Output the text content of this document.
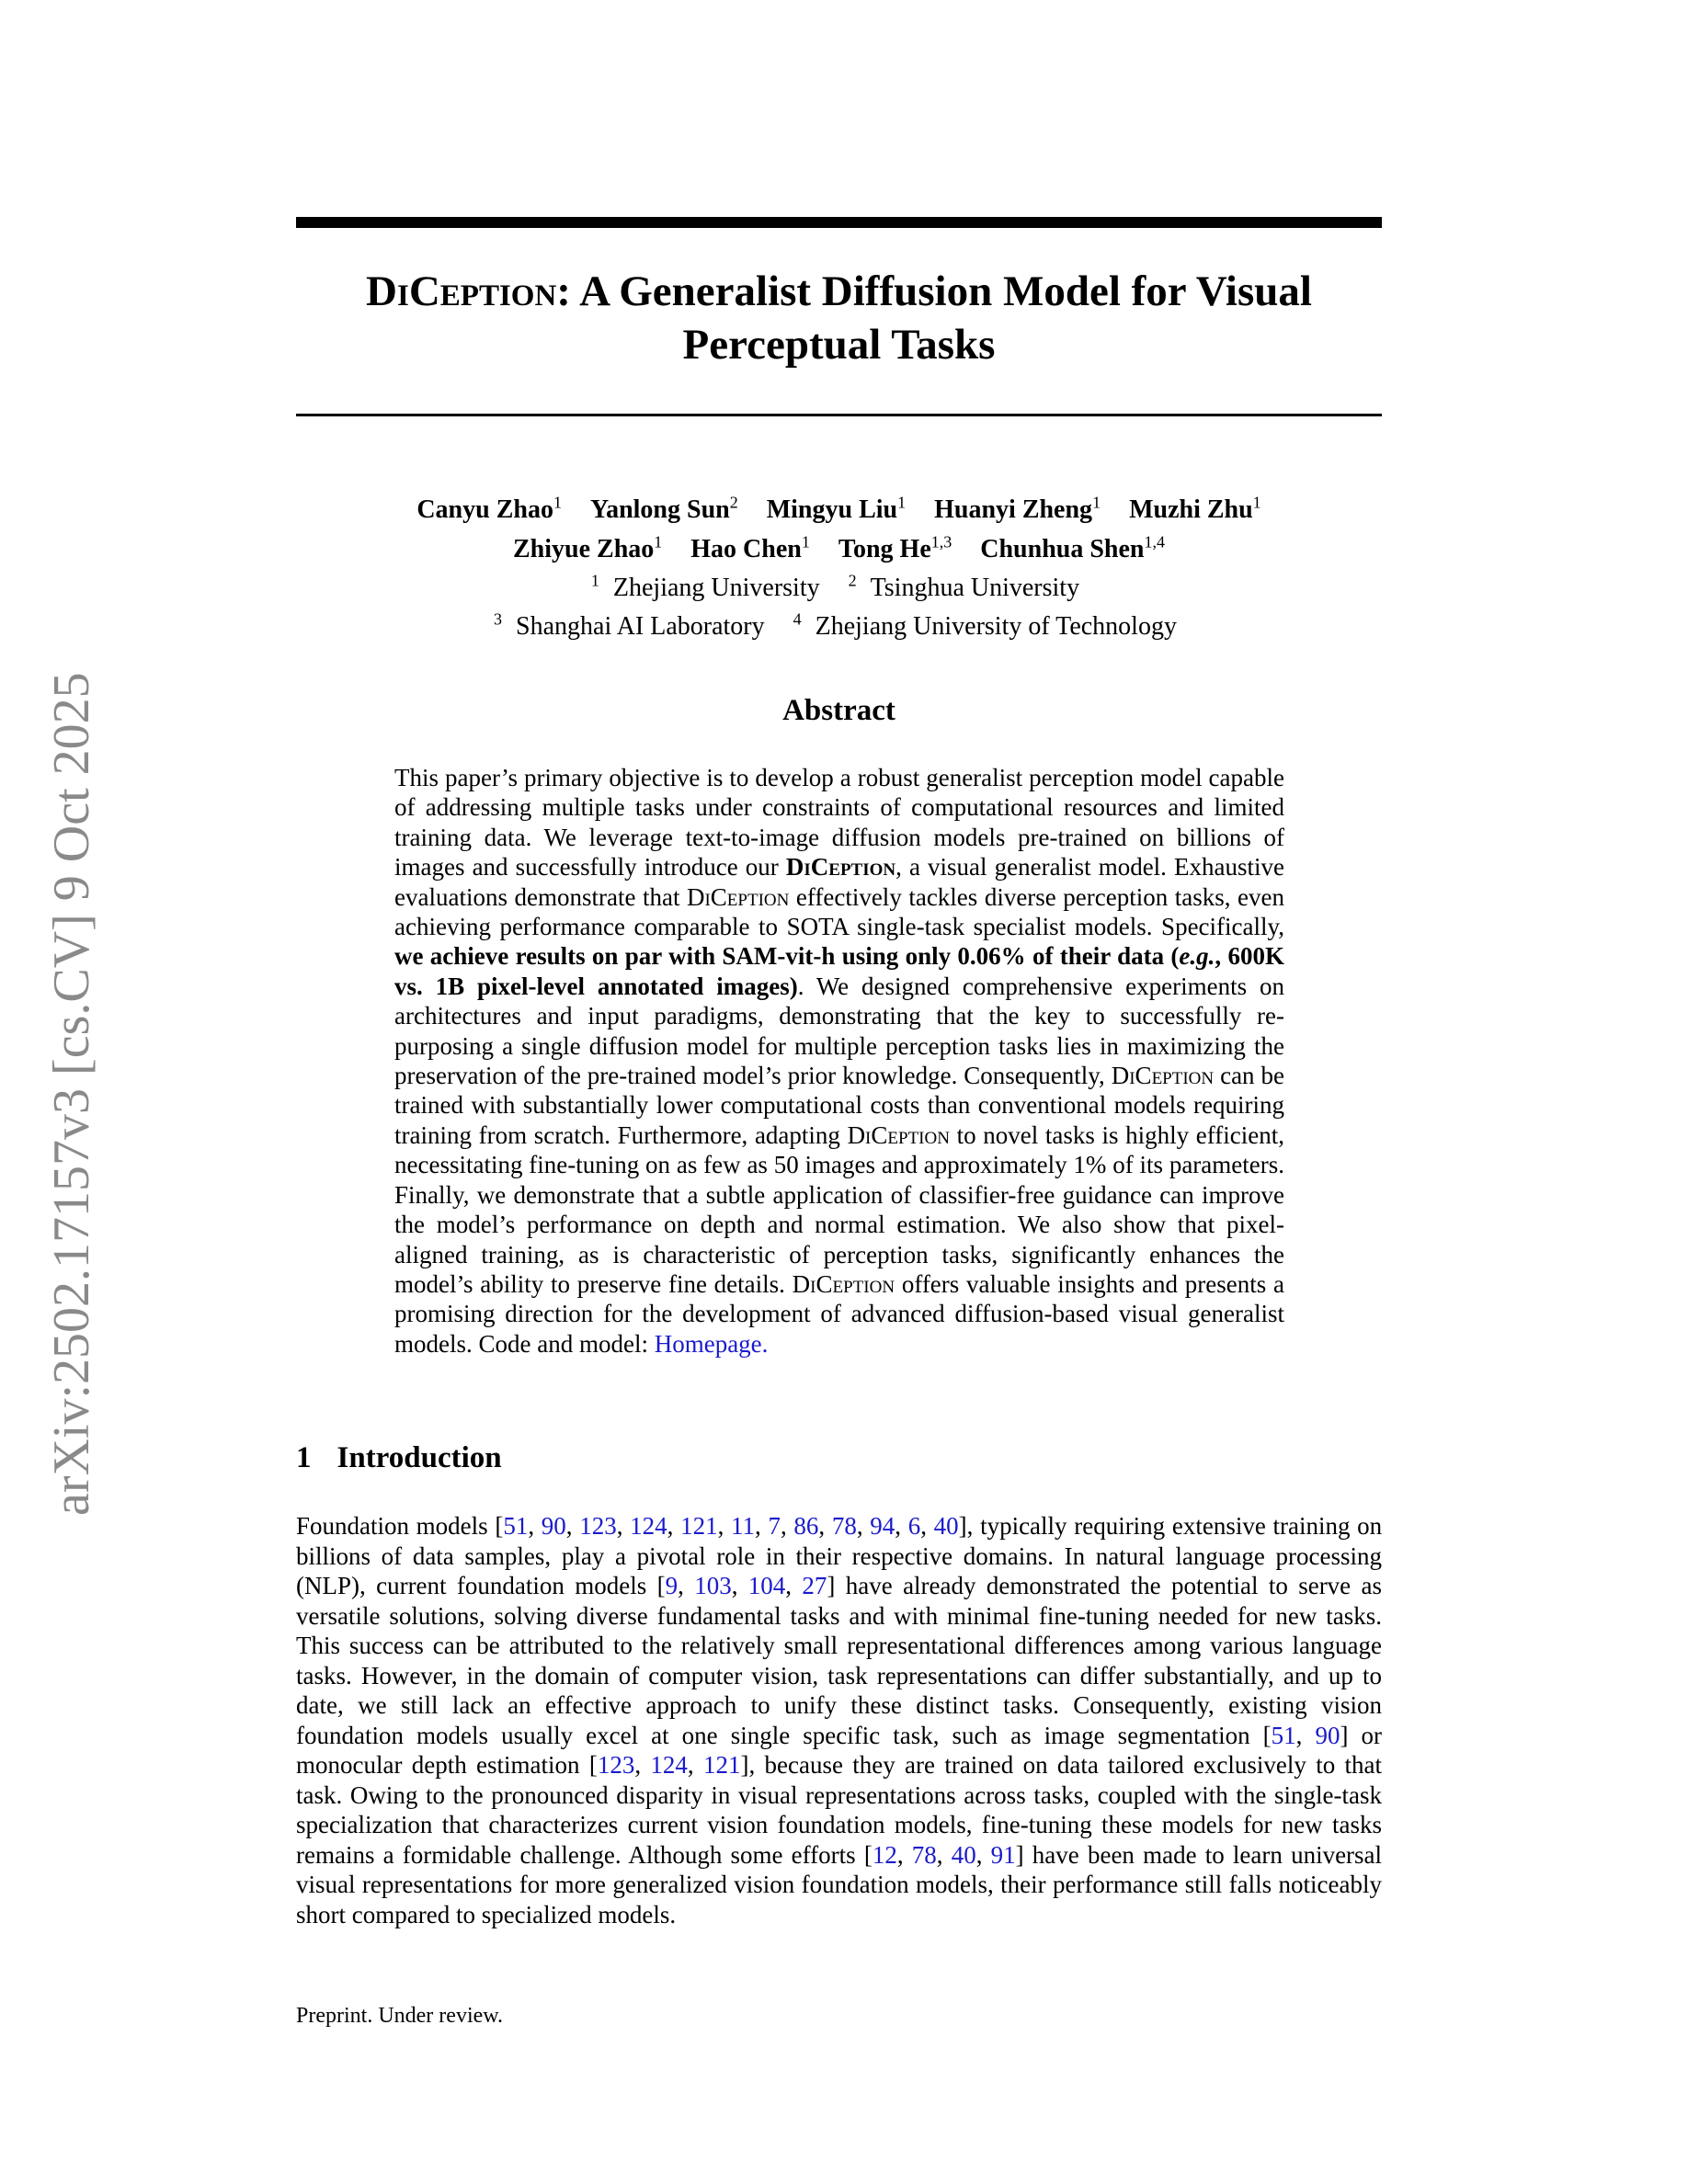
arXiv:2502.17157v3 [cs.CV] 9 Oct 2025
DiCeption: A Generalist Diffusion Model for Visual Perceptual Tasks
Canyu Zhao$^1$ Yanlong Sun$^2$ Mingyu Liu$^1$ Huanyi Zheng$^1$ Muzhi Zhu$^1$
Zhiyue Zhao$^1$ Hao Chen$^1$ Tong He$^{1,3}$ Chunhua Shen$^{1,4}$
$^1$ Zhejiang University $^2$ Tsinghua University
$^3$ Shanghai AI Laboratory $^4$ Zhejiang University of Technology
Abstract

This paper’s primary objective is to develop a robust generalist perception model capable of addressing multiple tasks under constraints of computational resources and limited training data. We leverage text-to-image diffusion models pre-trained on billions of images and successfully introduce our DiCeption, a visual generalist model. Exhaustive evaluations demonstrate that DiCeption effectively tackles diverse perception tasks, even achieving performance comparable to SOTA single-task specialist models. Specifically, we achieve results on par with SAM-vit-h using only 0.06% of their data (e.g., 600K vs. 1B pixel-level annotated images). We designed comprehensive experiments on architectures and input paradigms, demonstrating that the key to successfully re-purposing a single diffusion model for multiple perception tasks lies in maximizing the preservation of the pre-trained model’s prior knowledge. Consequently, DiCeption can be trained with substantially lower computational costs than conventional models requiring training from scratch. Furthermore, adapting DiCeption to novel tasks is highly efficient, necessitating fine-tuning on as few as 50 images and approximately 1% of its parameters. Finally, we demonstrate that a subtle application of classifier-free guidance can improve the model’s performance on depth and normal estimation. We also show that pixel-aligned training, as is characteristic of perception tasks, significantly enhances the model’s ability to preserve fine details. DiCeption offers valuable insights and presents a promising direction for the development of advanced diffusion-based visual generalist models. Code and model: Homepage.

1 Introduction

Foundation models [51, 90, 123, 124, 121, 11, 7, 86, 78, 94, 6, 40], typically requiring extensive training on billions of data samples, play a pivotal role in their respective domains. In natural language processing (NLP), current foundation models [9, 103, 104, 27] have already demonstrated the potential to serve as versatile solutions, solving diverse fundamental tasks and with minimal fine-tuning needed for new tasks. This success can be attributed to the relatively small representational differences among various language tasks. However, in the domain of computer vision, task representations can differ substantially, and up to date, we still lack an effective approach to unify these distinct tasks. Consequently, existing vision foundation models usually excel at one single specific task, such as image segmentation [51, 90] or monocular depth estimation [123, 124, 121], because they are trained on data tailored exclusively to that task. Owing to the pronounced disparity in visual representations across tasks, coupled with the single-task specialization that characterizes current vision foundation models, fine-tuning these models for new tasks remains a formidable challenge. Although some efforts [12, 78, 40, 91] have been made to learn universal visual representations for more generalized vision foundation models, their performance still falls noticeably short compared to specialized models.

Preprint. Under review.
